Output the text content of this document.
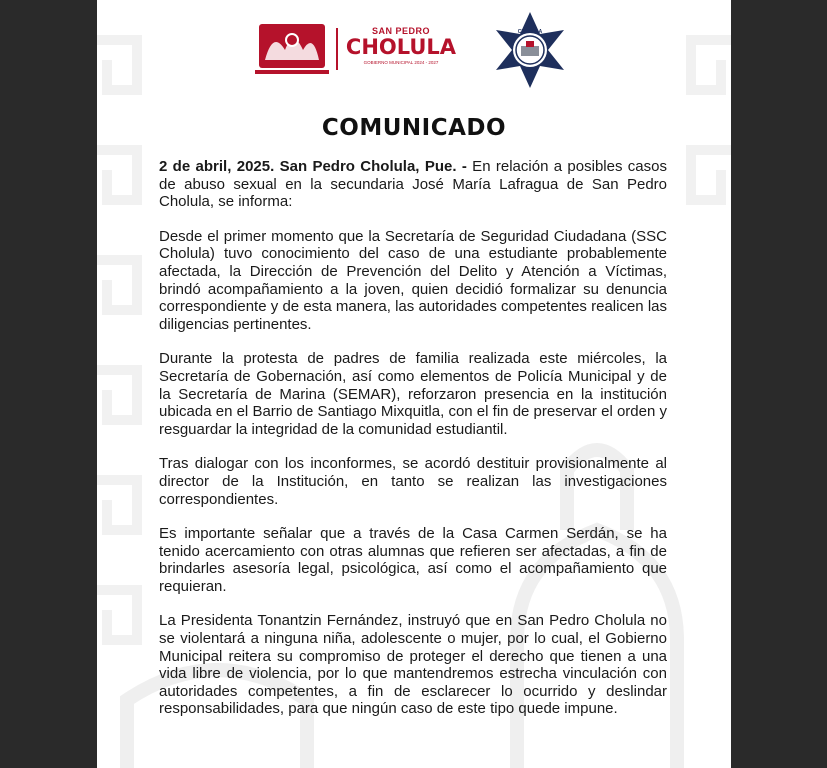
SAN PEDRO
CHOLULA
GOBIERNO MUNICIPAL 2024 - 2027
CHOLULA
COMUNICADO

2 de abril, 2025. San Pedro Cholula, Pue. - En relación a posibles casos de abuso sexual en la secundaria José María Lafragua de San Pedro Cholula, se informa:

Desde el primer momento que la Secretaría de Seguridad Ciudadana (SSC Cholula) tuvo conocimiento del caso de una estudiante probablemente afectada, la Dirección de Prevención del Delito y Atención a Víctimas, brindó acompañamiento a la joven, quien decidió formalizar su denuncia correspondiente y de esta manera, las autoridades competentes realicen las diligencias pertinentes.

Durante la protesta de padres de familia realizada este miércoles, la Secretaría de Gobernación, así como elementos de Policía Municipal y de la Secretaría de Marina (SEMAR), reforzaron presencia en la institución ubicada en el Barrio de Santiago Mixquitla, con el fin de preservar el orden y resguardar la integridad de la comunidad estudiantil.

Tras dialogar con los inconformes, se acordó destituir provisionalmente al director de la Institución, en tanto se realizan las investigaciones correspondientes.

Es importante señalar que a través de la Casa Carmen Serdán, se ha tenido acercamiento con otras alumnas que refieren ser afectadas, a fin de brindarles asesoría legal, psicológica, así como el acompañamiento que requieran.

La Presidenta Tonantzin Fernández, instruyó que en San Pedro Cholula no se violentará a ninguna niña, adolescente o mujer, por lo cual, el Gobierno Municipal reitera su compromiso de proteger el derecho que tienen a una vida libre de violencia, por lo que mantendremos estrecha vinculación con autoridades competentes, a fin de esclarecer lo ocurrido y deslindar responsabilidades, para que ningún caso de este tipo quede impune.
